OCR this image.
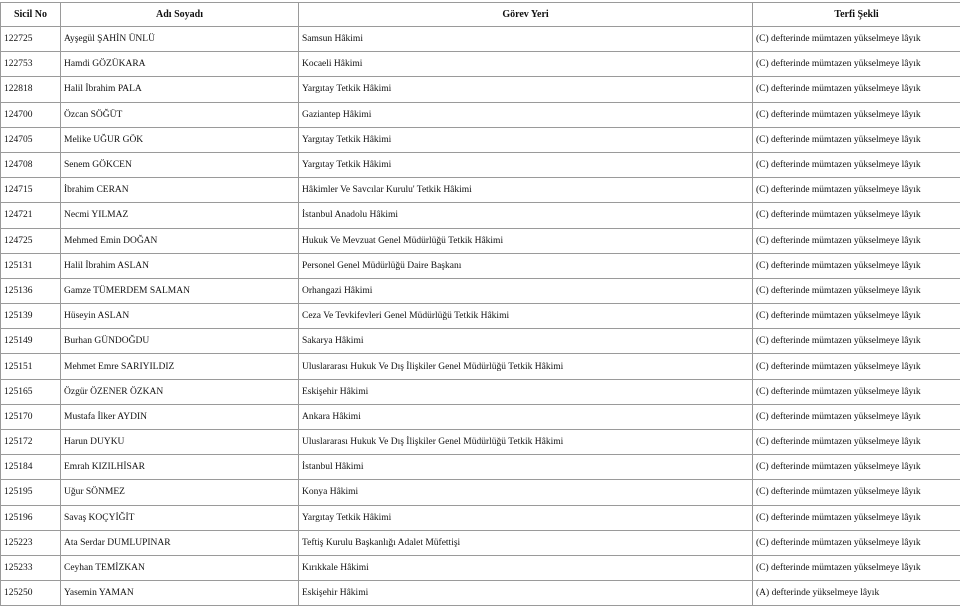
Sicil No	Adı Soyadı	Görev Yeri	Terfi Şekli
122725	Ayşegül ŞAHİN ÜNLÜ	Samsun Hâkimi	(C) defterinde mümtazen yükselmeye lâyık
122753	Hamdi GÖZÜKARA	Kocaeli Hâkimi	(C) defterinde mümtazen yükselmeye lâyık
122818	Halil İbrahim PALA	Yargıtay Tetkik Hâkimi	(C) defterinde mümtazen yükselmeye lâyık
124700	Özcan SÖĞÜT	Gaziantep Hâkimi	(C) defterinde mümtazen yükselmeye lâyık
124705	Melike UĞUR GÖK	Yargıtay Tetkik Hâkimi	(C) defterinde mümtazen yükselmeye lâyık
124708	Senem GÖKCEN	Yargıtay Tetkik Hâkimi	(C) defterinde mümtazen yükselmeye lâyık
124715	İbrahim CERAN	Hâkimler Ve Savcılar Kurulu' Tetkik Hâkimi	(C) defterinde mümtazen yükselmeye lâyık
124721	Necmi YILMAZ	İstanbul Anadolu Hâkimi	(C) defterinde mümtazen yükselmeye lâyık
124725	Mehmed Emin DOĞAN	Hukuk Ve Mevzuat Genel Müdürlüğü Tetkik Hâkimi	(C) defterinde mümtazen yükselmeye lâyık
125131	Halil İbrahim ASLAN	Personel Genel Müdürlüğü Daire Başkanı	(C) defterinde mümtazen yükselmeye lâyık
125136	Gamze TÜMERDEM SALMAN	Orhangazi Hâkimi	(C) defterinde mümtazen yükselmeye lâyık
125139	Hüseyin ASLAN	Ceza Ve Tevkifevleri Genel Müdürlüğü Tetkik Hâkimi	(C) defterinde mümtazen yükselmeye lâyık
125149	Burhan GÜNDOĞDU	Sakarya Hâkimi	(C) defterinde mümtazen yükselmeye lâyık
125151	Mehmet Emre SARIYILDIZ	Uluslararası Hukuk Ve Dış İlişkiler Genel Müdürlüğü Tetkik Hâkimi	(C) defterinde mümtazen yükselmeye lâyık
125165	Özgür ÖZENER ÖZKAN	Eskişehir Hâkimi	(C) defterinde mümtazen yükselmeye lâyık
125170	Mustafa İlker AYDIN	Ankara Hâkimi	(C) defterinde mümtazen yükselmeye lâyık
125172	Harun DUYKU	Uluslararası Hukuk Ve Dış İlişkiler Genel Müdürlüğü Tetkik Hâkimi	(C) defterinde mümtazen yükselmeye lâyık
125184	Emrah KIZILHİSAR	İstanbul Hâkimi	(C) defterinde mümtazen yükselmeye lâyık
125195	Uğur SÖNMEZ	Konya Hâkimi	(C) defterinde mümtazen yükselmeye lâyık
125196	Savaş KOÇYİĞİT	Yargıtay Tetkik Hâkimi	(C) defterinde mümtazen yükselmeye lâyık
125223	Ata Serdar DUMLUPINAR	Teftiş Kurulu Başkanlığı Adalet Müfettişi	(C) defterinde mümtazen yükselmeye lâyık
125233	Ceyhan TEMİZKAN	Kırıkkale Hâkimi	(C) defterinde mümtazen yükselmeye lâyık
125250	Yasemin YAMAN	Eskişehir Hâkimi	(A) defterinde yükselmeye lâyık
